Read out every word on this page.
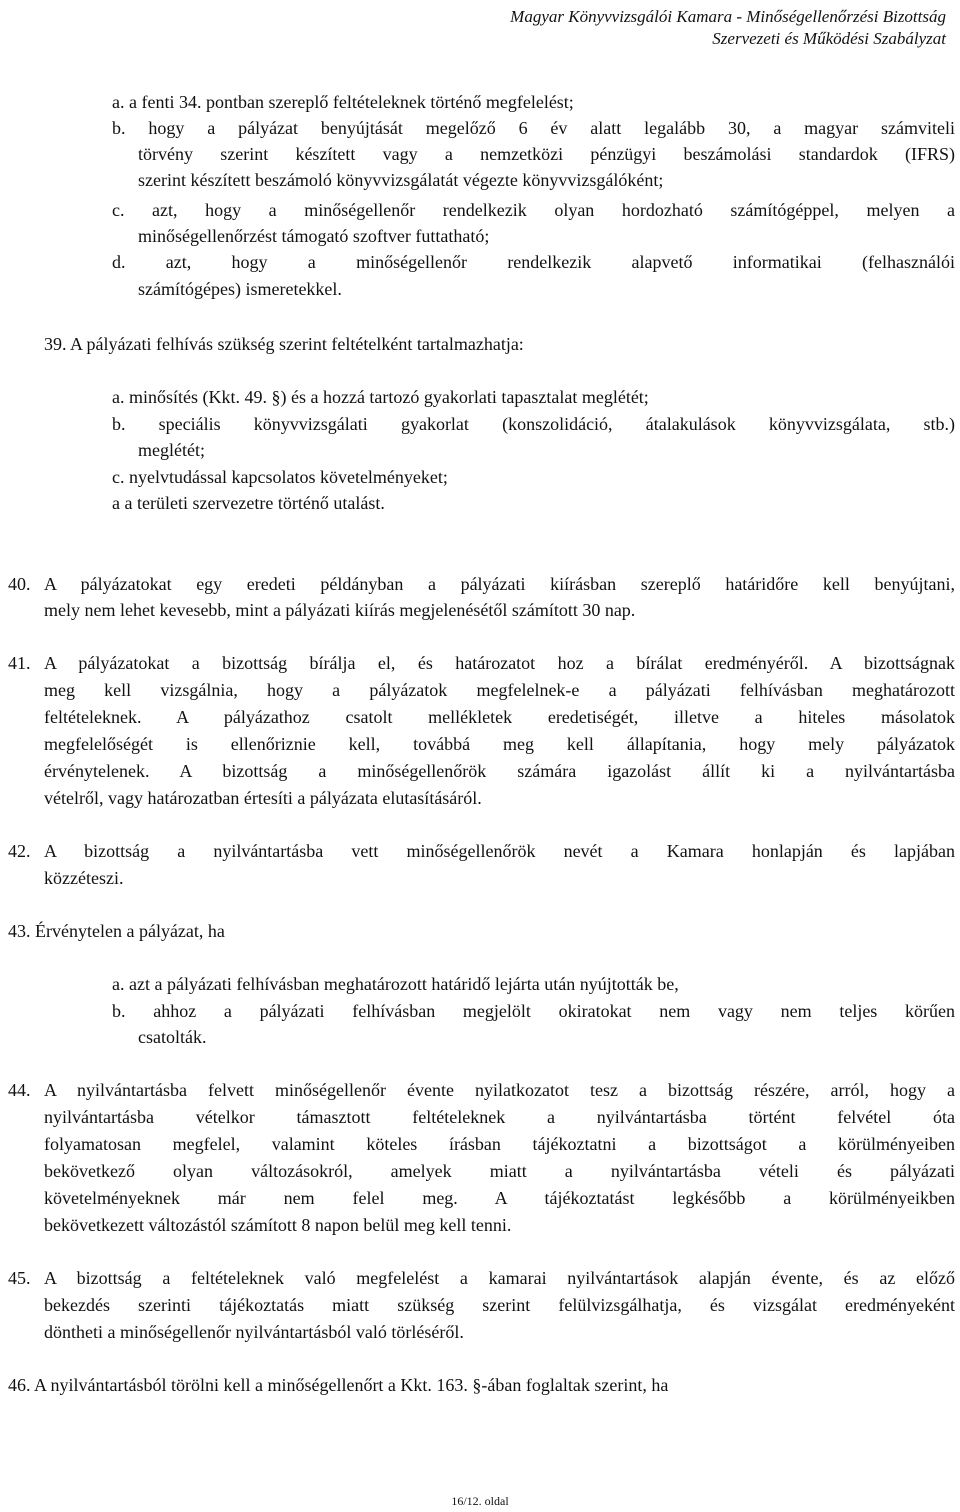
Magyar Könyvvizsgálói Kamara - Minőségellenőrzési Bizottság
Szervezeti és Működési Szabályzat

a. a fenti 34. pontban szereplő feltételeknek történő megfelelést;

b. hogy a pályázat benyújtását megelőző 6 év alatt legalább 30, a magyar számviteli

törvény szerint készített vagy a nemzetközi pénzügyi beszámolási standardok (IFRS)

szerint készített beszámoló könyvvizsgálatát végezte könyvvizsgálóként;

c. azt, hogy a minőségellenőr rendelkezik olyan hordozható számítógéppel, melyen a

minőségellenőrzést támogató szoftver futtatható;

d. azt, hogy a minőségellenőr rendelkezik alapvető informatikai (felhasználói

számítógépes) ismeretekkel.

39. A pályázati felhívás szükség szerint feltételként tartalmazhatja:

a. minősítés (Kkt. 49. §) és a hozzá tartozó gyakorlati tapasztalat meglétét;

b. speciális könyvvizsgálati gyakorlat (konszolidáció, átalakulások könyvvizsgálata, stb.)

meglétét;

c. nyelvtudással kapcsolatos követelményeket;

a a területi szervezetre történő utalást.

40. A pályázatokat egy eredeti példányban a pályázati kiírásban szereplő határidőre kell benyújtani,

mely nem lehet kevesebb, mint a pályázati kiírás megjelenésétől számított 30 nap.

41. A pályázatokat a bizottság bírálja el, és határozatot hoz a bírálat eredményéről. A bizottságnak

meg kell vizsgálnia, hogy a pályázatok megfelelnek-e a pályázati felhívásban meghatározott

feltételeknek. A pályázathoz csatolt mellékletek eredetiségét, illetve a hiteles másolatok

megfelelőségét is ellenőriznie kell, továbbá meg kell állapítania, hogy mely pályázatok

érvénytelenek. A bizottság a minőségellenőrök számára igazolást állít ki a nyilvántartásba

vételről, vagy határozatban értesíti a pályázata elutasításáról.

42. A bizottság a nyilvántartásba vett minőségellenőrök nevét a Kamara honlapján és lapjában

közzéteszi.

43. Érvénytelen a pályázat, ha

a. azt a pályázati felhívásban meghatározott határidő lejárta után nyújtották be,

b. ahhoz a pályázati felhívásban megjelölt okiratokat nem vagy nem teljes körűen

csatolták.

44. A nyilvántartásba felvett minőségellenőr évente nyilatkozatot tesz a bizottság részére, arról, hogy a

nyilvántartásba vételkor támasztott feltételeknek a nyilvántartásba történt felvétel óta

folyamatosan megfelel, valamint köteles írásban tájékoztatni a bizottságot a körülményeiben

bekövetkező olyan változásokról, amelyek miatt a nyilvántartásba vételi és pályázati

követelményeknek már nem felel meg. A tájékoztatást legkésőbb a körülményeikben

bekövetkezett változástól számított 8 napon belül meg kell tenni.

45. A bizottság a feltételeknek való megfelelést a kamarai nyilvántartások alapján évente, és az előző

bekezdés szerinti tájékoztatás miatt szükség szerint felülvizsgálhatja, és vizsgálat eredményeként

döntheti a minőségellenőr nyilvántartásból való törléséről.

46. A nyilvántartásból törölni kell a minőségellenőrt a Kkt. 163. §-ában foglaltak szerint, ha

16/12. oldal
